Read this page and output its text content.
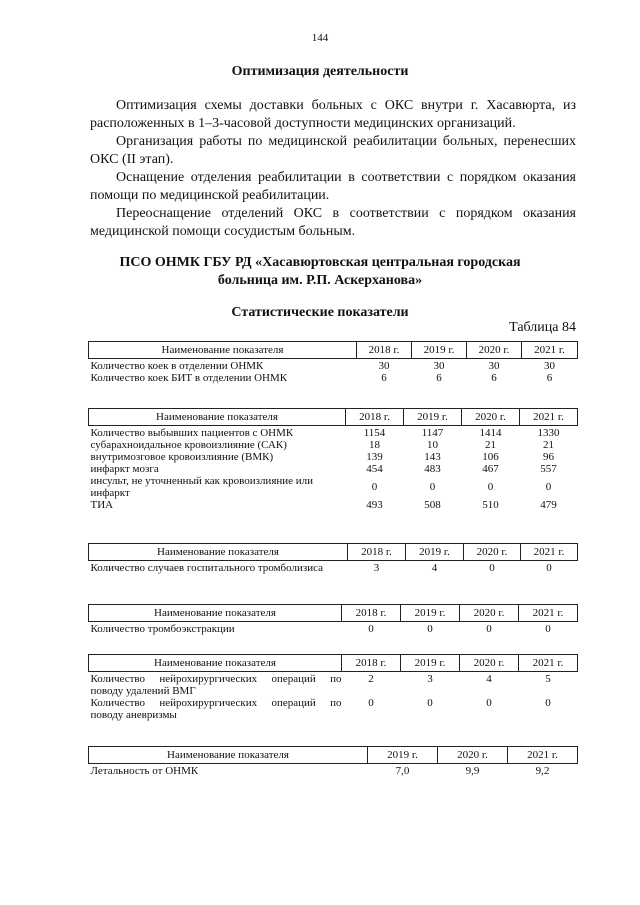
144
Оптимизация деятельности

Оптимизация схемы доставки больных с ОКС внутри г. Хасавюрта, из расположенных в 1–3-часовой доступности медицинских организаций.

Организация работы по медицинской реабилитации больных, перенесших ОКС (II этап).

Оснащение отделения реабилитации в соответствии с порядком оказания помощи по медицинской реабилитации.

Переоснащение отделений ОКС в соответствии с порядком оказания медицинской помощи сосудистым больным.

ПСО ОНМК ГБУ РД «Хасавюртовская центральная городская
больница им. Р.П. Аскерханова»
Статистические показатели
Таблица 84
Наименование показателя	2018 г.	2019 г.	2020 г.	2021 г.
Количество коек в отделении ОНМК	30	30	30	30
Количество коек БИТ в отделении ОНМК	6	6	6	6
Наименование показателя	2018 г.	2019 г.	2020 г.	2021 г.
Количество выбывших пациентов с ОНМК	1154	1147	1414	1330
субарахноидальное кровоизлияние (САК)	18	10	21	21
внутримозговое кровоизлияние (ВМК)	139	143	106	96
инфаркт мозга	454	483	467	557
инсульт, не уточненный как кровоизлияние или инфаркт	0	0	0	0
ТИА	493	508	510	479
Наименование показателя	2018 г.	2019 г.	2020 г.	2021 г.
Количество случаев госпитального тромболизиса	3	4	0	0
Наименование показателя	2018 г.	2019 г.	2020 г.	2021 г.
Количество тромбоэкстракции	0	0	0	0
Наименование показателя	2018 г.	2019 г.	2020 г.	2021 г.
Количество нейрохирургических операций по поводу удалений ВМГ	2	3	4	5
Количество нейрохирургических операций по поводу аневризмы	0	0	0	0
Наименование показателя	2019 г.	2020 г.	2021 г.
Летальность от ОНМК	7,0	9,9	9,2
